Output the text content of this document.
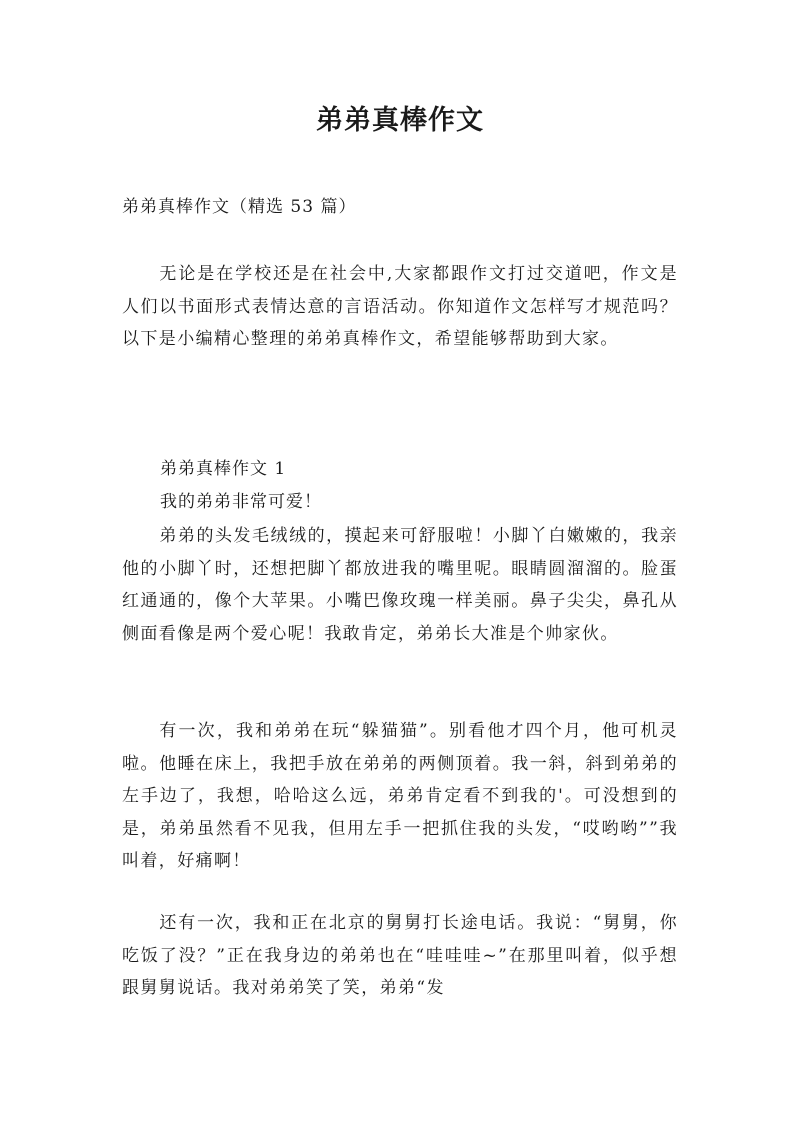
弟弟真棒作文
弟弟真棒作文（精选 53 篇）

无论是在学校还是在社会中,大家都跟作文打过交道吧，作文是人们以书面形式表情达意的言语活动。你知道作文怎样写才规范吗？以下是小编精心整理的弟弟真棒作文，希望能够帮助到大家。

弟弟真棒作文 1
我的弟弟非常可爱！

弟弟的头发毛绒绒的，摸起来可舒服啦！小脚丫白嫩嫩的，我亲他的小脚丫时，还想把脚丫都放进我的嘴里呢。眼睛圆溜溜的。脸蛋红通通的，像个大苹果。小嘴巴像玫瑰一样美丽。鼻子尖尖，鼻孔从侧面看像是两个爱心呢！我敢肯定，弟弟长大准是个帅家伙。

有一次，我和弟弟在玩“躲猫猫”。别看他才四个月，他可机灵啦。他睡在床上，我把手放在弟弟的两侧顶着。我一斜，斜到弟弟的左手边了，我想，哈哈这么远，弟弟肯定看不到我的'。可没想到的是，弟弟虽然看不见我，但用左手一把抓住我的头发，“哎哟哟””我叫着，好痛啊！

还有一次，我和正在北京的舅舅打长途电话。我说：“舅舅，你吃饭了没？”正在我身边的弟弟也在“哇哇哇~”在那里叫着，似乎想跟舅舅说话。我对弟弟笑了笑，弟弟“发
